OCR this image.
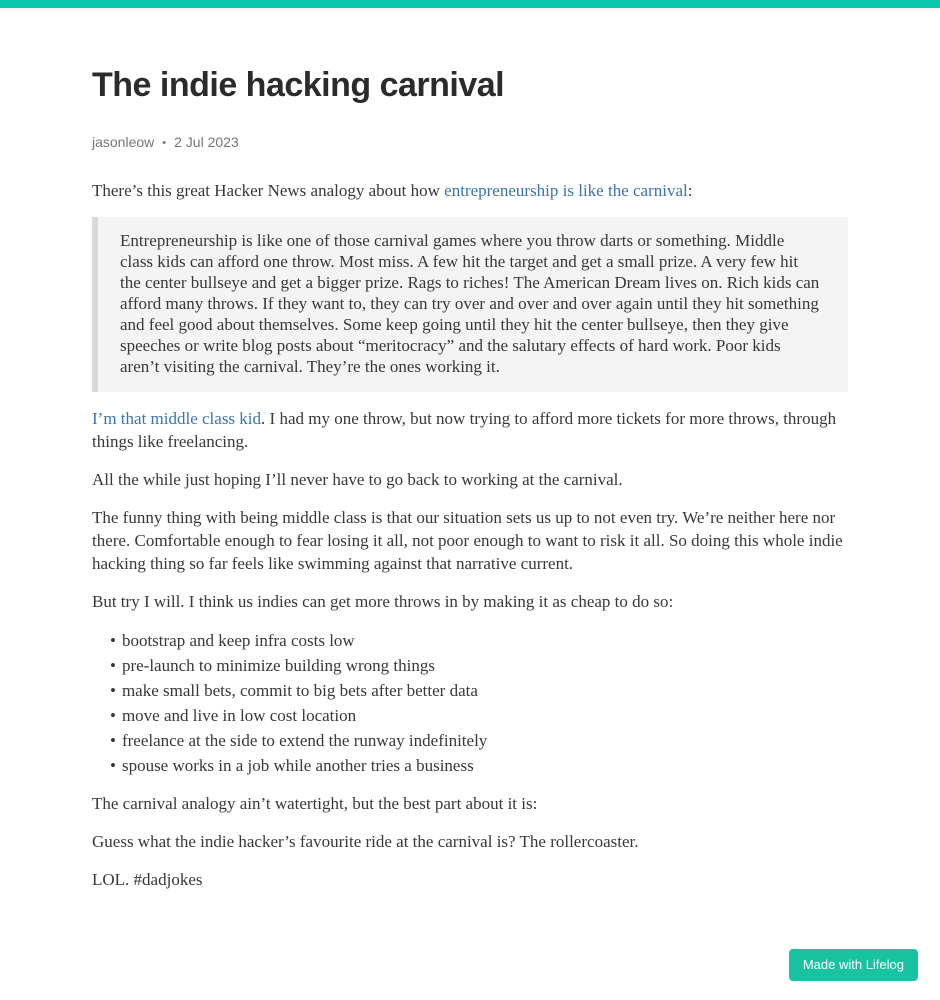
The indie hacking carnival
jasonleow • 2 Jul 2023

There’s this great Hacker News analogy about how entrepreneurship is like the carnival:

Entrepreneurship is like one of those carnival games where you throw darts or something. Middle class kids can afford one throw. Most miss. A few hit the target and get a small prize. A very few hit the center bullseye and get a bigger prize. Rags to riches! The American Dream lives on. Rich kids can afford many throws. If they want to, they can try over and over and over again until they hit something and feel good about themselves. Some keep going until they hit the center bullseye, then they give speeches or write blog posts about “meritocracy” and the salutary effects of hard work. Poor kids aren’t visiting the carnival. They’re the ones working it.

I’m that middle class kid. I had my one throw, but now trying to afford more tickets for more throws, through things like freelancing.

All the while just hoping I’ll never have to go back to working at the carnival.

The funny thing with being middle class is that our situation sets us up to not even try. We’re neither here nor there. Comfortable enough to fear losing it all, not poor enough to want to risk it all. So doing this whole indie hacking thing so far feels like swimming against that narrative current.

But try I will. I think us indies can get more throws in by making it as cheap to do so:

• bootstrap and keep infra costs low
• pre-launch to minimize building wrong things
• make small bets, commit to big bets after better data
• move and live in low cost location
• freelance at the side to extend the runway indefinitely
• spouse works in a job while another tries a business

The carnival analogy ain’t watertight, but the best part about it is:

Guess what the indie hacker’s favourite ride at the carnival is? The rollercoaster.

LOL. #dadjokes

Made with Lifelog
